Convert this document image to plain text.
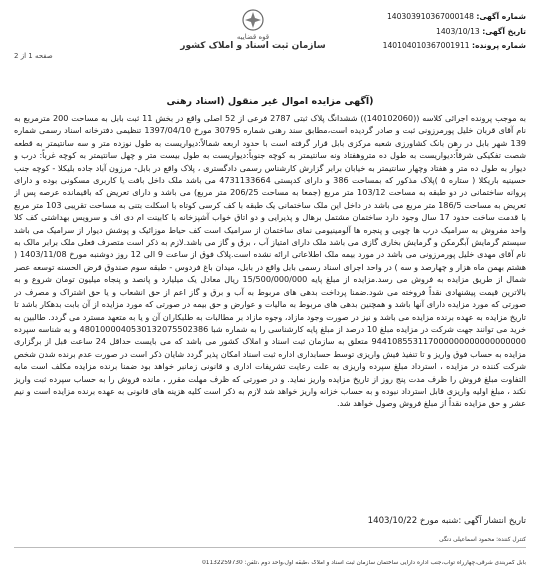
شماره آگهی: 140303910367000148
تاریخ آگهی: 1403/10/13
شماره پرونده: 140104010367001911
قوه قضاییه
سازمان ثبت اسناد و املاک کشور
صفحه 1 از 2
(آگهی مزایده اموال غیر منقول (اسناد رهنی
به موجب پرونده اجرائی کلاسه ((140102060)) ششدانگ پلاک ثبتی 2787 فرعی از 52 اصلی واقع در بخش 11 ثبت بابل به مساحت 200 مترمربع به نام آقای قربان خلیل پورمرزونی ثبت و صادر گردیده است،مطابق سند رهنی شماره 30795 مورخ 1397/04/10 تنظیمی دفترخانه اسناد رسمی شماره 139 شهر بابل در رهن بانک کشاورزی شعبه مرکزی بابل قرار گرفته است با حدود اربعه شمالاً:دیواریست به طول نوزده متر و سه سانتیمتر به قطعه شصت تفکیکی شرقاً:دیواریست به طول ده متروهفتاد ونه سانتیمتر به کوچه جنوباً:دیواریست به طول بیست متر و چهل سانتیمتر به کوچه غرباً: درب و دیوار به طول ده متر و هفتاد وچهار سانتیمتر به خیابان برابر گزارش کارشناس رسمی دادگستری ، پلاک واقع در بابل- مرزون آباد جاده بلیکلا - کوچه جنب حسینیه باریکلا ( ستاره ۵ )پلاک مذکور که بمساحت 386 و دارای کدپستی 4731133664 می باشد ملک داخل بافت یا کاربری مسکونی بوده و دارای پروانه ساختمانی در دو طبقه به مساحت 103/12 متر مربع (جمعا به مساحت 206/25 متر مربع) می باشد و دارای تعریض که باقیمانده عرصه پس از تعریض به مساحت 186/5 متر مربع می باشد در داخل این ملک ساختمانی یک طبقه با کف کرسی کوتاه با اسکلت بتنی به مساحت تقریبی 103 متر مربع با قدمت ساخت حدود 17 سال وجود دارد ساختمان مشتمل برهال و پذیرایی و دو اتاق خواب آشپزخانه با کابینت ام دی اف و سرویس بهداشتی کف کلا واحد مفروش به سرامیک درب ها چوبی و پنجره ها آلومینیومی نمای ساختمان از سرامیک است کف حیاط موزائیک و پوشش دیوار از سرامیک می باشد سیستم گرمایش آبگرمکن و گرمایش بخاری گازی می باشد ملک دارای امتیاز آب ، برق و گاز می باشد.لازم به ذکر است متصرف فعلی ملک برابر مالک به نام آقای مهدی خلیل پورمرزونی می باشد در مورد بیمه ملک اطلاعاتی ارائه نشده است.پلاک فوق از ساعت 9 الی 12 روز دوشنبه مورخ 1403/11/08 ( هشتم بهمن ماه هزار و چهارصد و سه ) در واحد اجرای اسناد رسمی بابل واقع در بابل، میدان باغ فردوس - طبقه سوم صندوق قرض الحسنه توسعه عصر شمال از طریق مزایده به فروش می رسد.مزایده از مبلغ پایه 15/500/000/000 ریال معادل یک میلیارد و پانصد و پنجاه میلیون تومان شروع و به بالاترین قیمت پیشنهادی نقداً فروخته می شود.ضمنا پرداخت بدهی های مربوط به آب و برق و گاز اعم از حق انشعاب و یا حق اشتراک و مصرف در صورتی که مورد مزایده دارای آنها باشد و همچنین بدهی های مربوط به مالیات و عوارض و حق بیمه در صورتی که مورد مزایده از آن بابت بدهکار باشد تا تاریخ مزایده به عهده برنده مزایده می باشد و نیز در صورت وجود مازاد، وجوه مازاد بر مطالبات به طلبکاران آن و یا به متعهد مسترد می گردد. طالبین به خرید می توانند جهت شرکت در مزایده مبلغ 10 درصد از مبلغ پایه کارشناسی را به شماره شبا 4801000040530132075502386 و به شناسه سپرده 944108553117000000000000000000 متعلق به سازمان ثبت اسناد و املاک کشور می باشد که می بایست حداقل 24 ساعت قبل از برگزاری مزایده به حساب فوق واریز و تا تنفیذ فیش واریزی توسط حسابداری اداره ثبت اسناد امکان پذیر گردد شایان ذکر است در صورت عدم برنده شدن شخص شرکت کننده در مزایده ، استرداد مبلغ سپرده واریزی به علت رعایت تشریفات اداری و قانونی زمانبر خواهد بود ضمنا برنده مزایده مکلف است مابه التفاوت مبلغ فروش را ظرف مدت پنج روز از تاریخ مزایده واریز نماید. و در صورتی که ظرف مهلت مقرر ، مانده فروش را به حساب سپرده ثبت واریز نکند ، مبلغ اولیه واریزی قابل استرداد نبوده و به حساب خزانه واریز خواهد شد لازم به ذکر است کلیه هزینه های قانونی به عهده برنده مزایده است و نیم عشر و حق مزایده نقداً از مبلغ فروش وصول خواهد شد.
تاریخ انتشار آگهی :شنبه مورخ 1403/10/22
کنترل کننده: محمود اسماعیلی دنگی
بابل کمربندی شرقی،چهارراه تواب،جنب اداره دارایی ساختمان سازمان ثبت اسناد و املاک ،طبقه اول،واحد دوم ،تلفن: 01132259730
